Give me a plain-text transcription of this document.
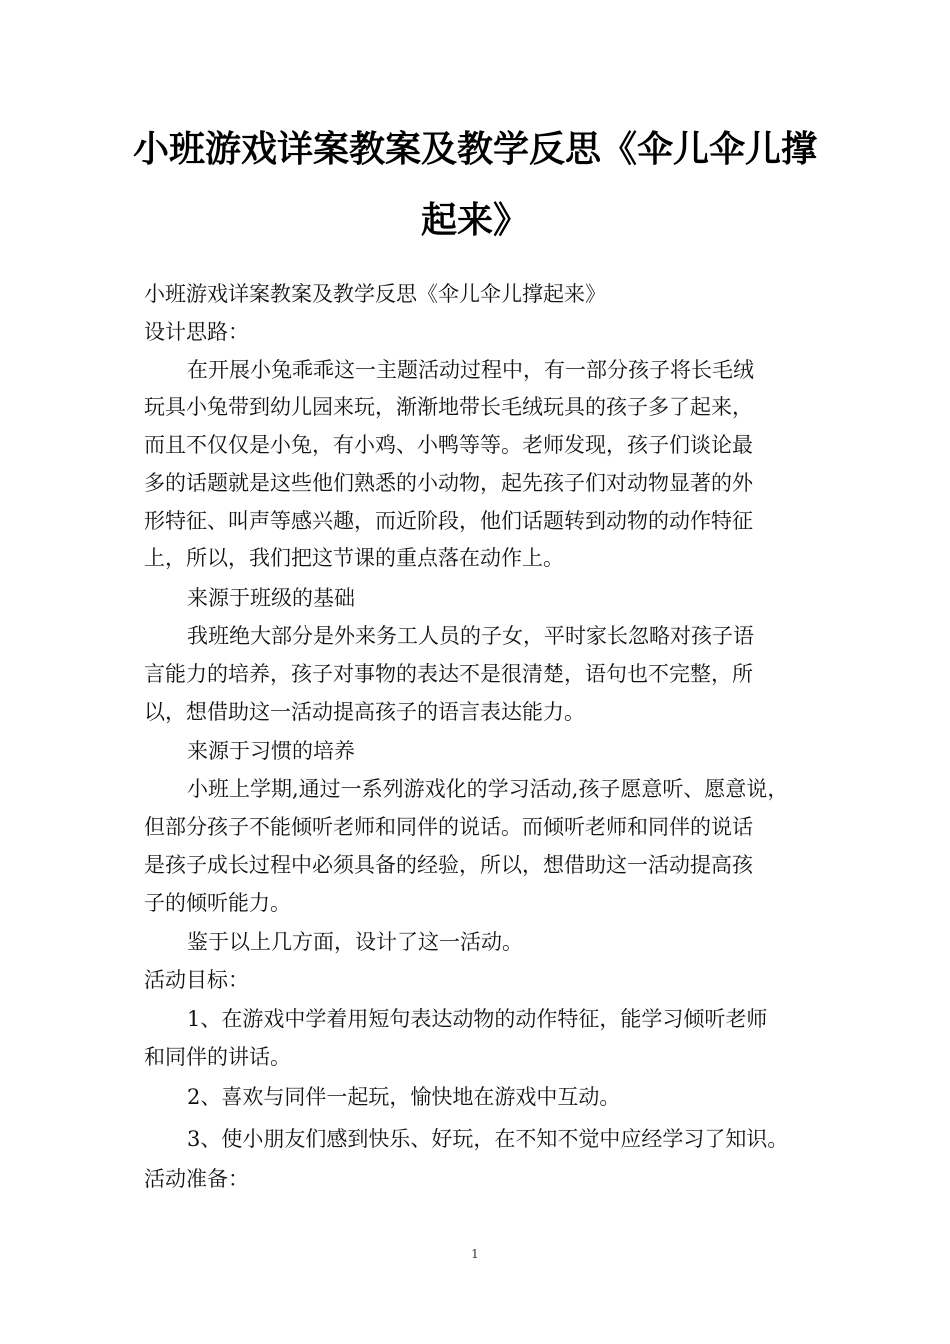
小班游戏详案教案及教学反思《伞儿伞儿撑
起来》
小班游戏详案教案及教学反思《伞儿伞儿撑起来》
设计思路：
在开展小兔乖乖这一主题活动过程中，有一部分孩子将长毛绒
玩具小兔带到幼儿园来玩，渐渐地带长毛绒玩具的孩子多了起来，
而且不仅仅是小兔，有小鸡、小鸭等等。老师发现，孩子们谈论最
多的话题就是这些他们熟悉的小动物，起先孩子们对动物显著的外
形特征、叫声等感兴趣，而近阶段，他们话题转到动物的动作特征
上，所以，我们把这节课的重点落在动作上。
来源于班级的基础
我班绝大部分是外来务工人员的子女，平时家长忽略对孩子语
言能力的培养，孩子对事物的表达不是很清楚，语句也不完整，所
以，想借助这一活动提高孩子的语言表达能力。
来源于习惯的培养
小班上学期,通过一系列游戏化的学习活动,孩子愿意听、愿意说，
但部分孩子不能倾听老师和同伴的说话。而倾听老师和同伴的说话
是孩子成长过程中必须具备的经验，所以，想借助这一活动提高孩
子的倾听能力。
鉴于以上几方面，设计了这一活动。
活动目标：
1、在游戏中学着用短句表达动物的动作特征，能学习倾听老师
和同伴的讲话。
2、喜欢与同伴一起玩，愉快地在游戏中互动。
3、使小朋友们感到快乐、好玩，在不知不觉中应经学习了知识。
活动准备：
1
